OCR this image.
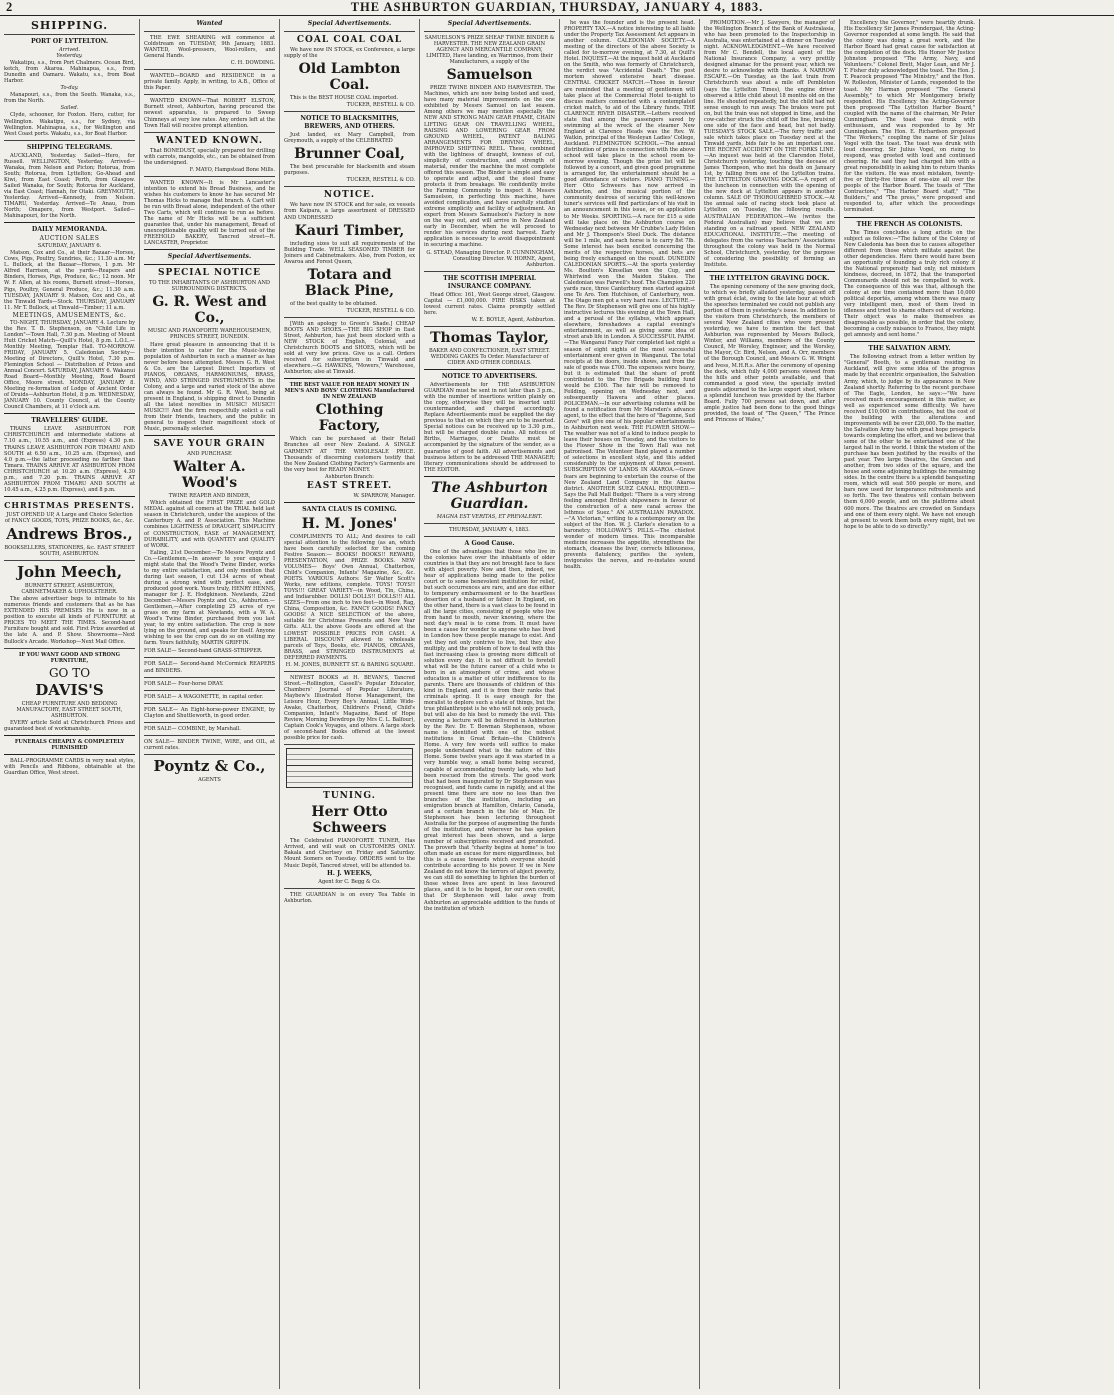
2	THE ASHBURTON GUARDIAN, THURSDAY, JANUARY 4, 1883.
SHIPPING.
PORT OF LYTTELTON.
Arrived.
Yesterday.
Wakatipu, s.s., from Port Chalmers. Ocean Bird, ketch, from Akaroa. Mahinapua, s.s., from Dunedin and Oamaru. Wakatu, s.s., from Boat Harbor.
To-day.
Manapouri, s.s., from the South. Wanaka, s.s., from the North.
Sailed.
Clyde, schooner, for Foxton. Hero, cutter, for Wellington. Wakatipu, s.s., for Sydney, via Wellington. Mahinapua, s.s., for Wellington and West Coast ports. Wakatu, s.s., for Boat Harbor.
SHIPPING TELEGRAMS.
AUCKLAND, Yesterday. Sailed—Hero, for Russell. WELLINGTON, Yesterday. Arrived—Wanaka, from Nelson and Picton; Rotorua, from South; Rotorua, from Lyttelton; Go-Ahead and Kiwi, from East Coast; Perth, from Glasgow. Sailed Wanaka, for South; Rotorua for Auckland, via East Coast; Hannah, for Otaki. GREYMOUTH, Yesterday. Arrived—Kennedy, from Nelson. TIMARU, Yesterday. Arrived—Te Anau, from North; Omapere, from Westport. Sailed—Mahinapouri, for the North.
DAILY MEMORANDA.
AUCTION SALES
SATURDAY, JANUARY 6.
Matson, Cox and Co., at their Bazaar—Horses, Cows, Pigs, Poultry, Sundries, &c.; 11.30 a.m. Mr L. Bullock, at the Bazaar—Horses, 1 p.m. Mr Alfred Harrison, at the yards—Reapers and Binders, Horses, Pigs, Produce, &c.; 12 noon. Mr W. F. Allen, at his rooms, Burnett street—Horses, Pigs, Poultry, General Produce, &c.; 11.30 a.m. TUESDAY, JANUARY 9. Matson, Cox and Co., at the Tinwald Yards—Stock. THURSDAY, JANUARY 11. Mr T. Bullock, at Tinwald—Timber; 11 a.m.
MEETINGS, AMUSEMENTS, &c.
TO-NIGHT, THURSDAY, JANUARY 4. Lecture by the Rev. T. B. Stephenson, on "Child Life in London"—Town Hall, 7.30 p.m. Meeting of Mount Hutt Cricket Match—Quill's Hotel, 8 p.m. L.O.L.—Monthly Meeting, Templar Hall. TO-MORROW. FRIDAY, JANUARY 5. Caledonian Society—Meeting of Directors, Quill's Hotel, 7.30 p.m. Flemington School — Distribution of Prizes and Annual Concert. SATURDAY, JANUARY 6. Wakanui Road Board—Monthly Meeting, Road Board Office, Moore street. MONDAY, JANUARY 8. Meeting re-formation of Lodge of Ancient Order of Druids—Ashburton Hotel, 8 p.m. WEDNESDAY, JANUARY 10. County Council, at the County Council Chambers, at 11 o'clock a.m.
TRAVELLERS' GUIDE.
TRAINS LEAVE ASHBURTON FOR CHRISTCHURCH and intermediate stations at 7.10 a.m., 10.55 a.m., and (Express) 4.30 p.m. TRAINS LEAVE ASHBURTON FOR TIMARU AND SOUTH at 6.50 a.m., 10.25 a.m. (Express), and 4.0 p.m.—the latter proceeding no farther than Timaru. TRAINS ARRIVE AT ASHBURTON FROM CHRISTCHURCH at 10.20 a.m. (Express), 4.30 p.m., and 7.20 p.m. TRAINS ARRIVE AT ASHBURTON FROM TIMARU AND SOUTH at 10.45 a.m., 4.25 p.m. (Express), and 8 p.m.
CHRISTMAS PRESENTS.
JUST OPENED UP, A Large and Choice Selection of FANCY GOODS, TOYS, PRIZE BOOKS, &c., &c.
Andrews Bros.,
BOOKSELLERS, STATIONERS, &c. EAST STREET SOUTH, ASHBURTON.
John Meech,
BURNETT STREET, ASHBURTON, CABINETMAKER & UPHOLSTERER.
The above advertiser begs to intimate to his numerous friends and customers that as he has EXTENDED HIS PREMISES He is now in a position to execute all kinds of FURNITURE at PRICES TO MEET THE TIMES. Second-hand Furniture bought and sold. First Prize awarded at the late A. and P. Show. Showrooms—Next Bullock's Arcade. Workshop—Next Mail Office.
IF YOU WANT GOOD AND STRONG FURNITURE,
GO TO
DAVIS'S
CHEAP FURNITURE AND BEDDING MANUFACTORY, EAST STREET SOUTH, ASHBURTON.
EVERY article Sold at Christchurch Prices and guaranteed best of workmanship.
FUNERALS CHEAPLY & COMPLETELY FURNISHED
BALL-PROGRAMME CARDS in very neat styles, with Pencils and Ribbons, obtainable at the Guardian Office, West street.
Wanted
THE EWE SHEARING will commence at Coldstream on TUESDAY, 9th January, 1883. WANTED, Wool-pressers, Wool-rollers, and General Hands.
C. H. DOWDING.
WANTED—BOARD and RESIDENCE in a private family. Apply, in writing, to A.B., Office of this Paper.
WANTED KNOWN—That ROBERT ELSTON, Burnett street, Ashburton, having procured the newest apparatus, is prepared to Sweep Chimneys at very low rates. Any orders left at the Town Hall will receive prompt attention.
WANTED KNOWN.
That BONEDUST, specially prepared for drilling with carrots, mangolds, etc., can be obtained from the undersigned.
F. MAYO, Hampstead Bone Mills.
WANTED KNOWN—It is Mr Lancaster's intention to extend his Bread Business, and he wishes his customers to know he has secured Mr Thomas Hicks to manage that branch. A Cart will be run with Bread alone, independent of the other Two Carts, which will continue to run as before. The name of Mr Hicks will be a sufficient guarantee that, under his management, Bread of unexceptionable quality will be turned out of the FREEHOLD BAKERY, Tancred street—R. LANCASTER, Proprietor.
Special Advertisements.
SPECIAL NOTICE
TO THE INHABITANTS OF ASHBURTON AND SURROUNDING DISTRICTS.
G. R. West and Co.,
MUSIC AND PIANOFORTE WAREHOUSEMEN, PRINCES STREET, DUNEDIN.
Have great pleasure in announcing that it is their intention to cater for the Music-loving population of Ashburton in such a manner as has never before been attempted. Messrs G. R. West & Co. are the Largest Direct Importers of PIANOS, ORGANS, HARMONIUMS, BRASS, WIND, AND STRINGED INSTRUMENTS in the Colony, and a large and varied stock of the above can always be found. Mr G. R. West, being at present in England, is shipping direct to Dunedin all the latest novelties in MUSIC! MUSIC!! MUSIC!!! And the firm respectfully solicit a call from their friends, teachers, and the public in general to inspect their magnificent stock of Music, personally selected.
SAVE YOUR GRAIN
AND PURCHASE
Walter A. Wood's
TWINE REAPER AND BINDER,
Which obtained the FIRST PRIZE and GOLD MEDAL against all comers at the TRIAL held last season in Christchurch, under the auspices of the Canterbury A. and P. Association. This Machine combines LIGHTNESS of DRAUGHT, SIMPLICITY of CONSTRUCTION, EASE of MANAGEMENT, DURABILITY, and with QUANTITY and QUALITY of WORK.
Ealing, 21st December.—To Messrs Poyntz and Co.—Gentlemen,—In answer to your enquiry I might state that the Wood's Twine Binder, works to my entire satisfaction, and only mention that during last season, I cut 134 acres of wheat during a strong wind with perfect ease, and produced good work. Yours truly, HENRY HENNS, manager for J. E. Hodgkinson. Newlands, 22nd December.—Messrs Poyntz and Co., Ashburton.—Gentlemen,—After completing 25 acres of rye grass on my farm at Newlands, with a W. A. Wood's Twine Binder, purchased from you last year, to my entire satisfaction. The crop is now lying on the ground, and speaks for itself. Anyone wishing to see the crop can do so on visiting my farm. Yours faithfully, MARTIN GRIFFIN.
FOR SALE— Second-hand GRASS-STRIPPER.
FOR SALE— Second-hand McCormick REAPERS and BINDERS.
FOR SALE— Four-horse DRAY.
FOR SALE— A WAGONETTE, in capital order.
FOR SALE— An Eight-horse-power ENGINE, by Clayton and Shuttleworth, in good order.
FOR SALE— COMBINE, by Marshall.
ON SALE— BINDER TWINE, WIRE, and OIL, at current rates.
Poyntz & Co.,
AGENTS
Special Advertisements.
COAL COAL COAL
We have now IN STOCK, ex Conference, a large supply of the
Old Lambton Coal.
This is the BEST HOUSE COAL imported.
TUCKER, RESTELL & CO.
NOTICE TO BLACKSMITHS, BREWERS, AND OTHERS.
Just landed, ex Mary Campbell, from Greymouth, a supply of the CELEBRATED
Brunner Coal,
The best procurable for blacksmith and steam purposes.
TUCKER, RESTELL & CO.
NOTICE.
We have now IN STOCK and for sale, ex vessels from Kaipara, a large assortment of DRESSED AND UNDRESSED
Kauri Timber,
including sizes to suit all requirements of the Building Trade. WELL SEASONED TIMBER for Joiners and Cabinetmakers. Also, from Foxton, ex Awaroa and Forest Queen,
Totara and Black Pine,
of the best quality to be obtained.
TUCKER, RESTELL & CO.
[With an apology to Green's Shade.] CHEAP BOOTS AND SHOES.—THE BIG SHOP in East Street, Ashburton, has just been stocked with a NEW STOCK of English, Colonial, and Christchurch BOOTS and SHOES, which will be sold at very low prices. Give us a call. Orders received for subscription in Tinwald and elsewhere.—G. HAWKINS, "Mowers," Warehouse, Ashburton; also at Tinwald.
THE BEST VALUE FOR READY MONEY IN MEN'S AND BOYS' CLOTHING Manufactured IN NEW ZEALAND
Clothing Factory,
Which can be purchased at their Retail Branches all over New Zealand. A SINGLE GARMENT AT THE WHOLESALE PRICE. Thousands of discerning customers testify that the New Zealand Clothing Factory's Garments are the very best for READY MONEY.
Ashburton Branch:
EAST STREET.
W. SPARROW, Manager.
SANTA CLAUS IS COMING.
H. M. Jones'
COMPLIMENTS TO ALL; And desires to call special attention to the following (as an, which have been carefully selected for the coming Festive Season:— BOOKS! BOOKS!! REWARD, PRESENTATION, and PRIZE BOOKS. NEW VOLUMES— Boys' Own Annual, Chatterbox, Child's Companion, Infants' Magazine, &c., &c. POETS. VARIOUS Authors: Sir Walter Scott's Works, new editions, complete. TOYS! TOYS!! TOYS!!! GREAT VARIETY—in Wood, Tin, China, and Indiarubber. DOLLS! DOLLS!! DOLLS!!! ALL SIZES—From one inch to two feet—in Wood, Rag, China, Composition, &c. FANCY GOODS! FANCY GOODS! A NICE SELECTION of the above, suitable for Christmas Presents and New Year Gifts. ALL the above Goods are offered at the LOWEST POSSIBLE PRICES FOR CASH. A LIBERAL DISCOUNT allowed to wholesale parcels of Toys, Books, etc. PIANOS, ORGANS, BRASS, and STRINGED INSTRUMENTS at DEFERRED PAYMENTS.
H. M. JONES, BURNETT ST. & BARING SQUARE.
NEWEST BOOKS at H. BEVAN'S, Tancred Street.—Rollington, Cassell's Popular Educator, Chambers' Journal of Popular Literature, Maybew's Illustrated Horse Management, the Leisure Hour, Every Boy's Annual, Little Wide-Awake, Chatterbox, Children's Friend, Child's Companion, Infant's Magazine, Band of Hope Review, Morning Dewdrops (by Mrs C. L. Balfour), Captain Cook's Voyages, and others. A large stock of second-hand Books offered at the lowest possible price for cash.
TUNING.
Herr Otto Schweers
The Celebrated PIANOFORTE TUNER, Has Arrived, and will wait on CUSTOMERS ONLY. Bakala and Chertsey on Friday and Saturday. Mount Somers on Tuesday. ORDERS sent to the Music Depôt, Tancred street, will be attended to.
H. J. WEEKS,
Agent for C. Begg & Co.
THE GUARDIAN is on every Tea Table in Ashburton.
Special Advertisements.
SAMUELSON'S PRIZE SHEAF TWINE BINDER & HARVESTER. THE NEW ZEALAND GRAIN AGENCY AND MERCANTILE COMPANY, LIMITED, Have landing, ex Warrimoo, from their Manufacturers, a supply of the
Samuelson
PRIZE TWINE BINDER AND HARVESTER. The Machines, which are now being tested and used, have many material improvements on the one exhibited by Messrs Samuel on last season. Among others we may mention especially the NEW AND STRONG MAIN GEAR FRAME, CHAIN LIFTING GEAR ON TRAVELLING WHEEL, RAISING AND LOWERING GEAR FROM GROUND WHEEL, PATENT BALING ARRANGEMENTS FOR DRIVING WHEEL, IMPROVED SHIFTING REEL. These, combined with the lightness of draught, lowness of cut, simplicity of construction, and strength of material, render the machine the most complete offered this season. The Binder is simple and easy to operate and adjust, and the steel frame protects it from breakage. We confidently invite the Farming Community to inspect it. Messrs Samuelson, in perfecting this machine, have avoided complication, and have carefully studied extreme simplicity and facility of adjustment. An expert from Messrs Samuelson's Factory is now on the way out, and will arrive in New Zealand early in December, when he will proceed to render his services during next harvest. Early application is necessary to avoid disappointment in securing a machine.
G. STEAD, Managing Director. P. CUNNINGHAM, Consulting Director. W. HORNE, Agent, Ashburton.
THE SCOTTISH IMPERIAL INSURANCE COMPANY.
Head Office: 161, West George street, Glasgow. Capital — £1,000,000. FIRE RISKS taken at lowest current rates. Claims promptly settled here.
W. E. BOYLE, Agent, Ashburton.
Thomas Taylor,
BAKER AND CONFECTIONER, EAST STREET. WEDDING CAKES To Order. Manufacturer of CIDER AND OTHER CORDIALS.
NOTICE TO ADVERTISERS.
Advertisements for THE ASHBURTON GUARDIAN must be sent in not later than 3 p.m., with the number of insertions written plainly on the copy, otherwise they will be inserted until countermanded, and charged accordingly. Replace Advertisements must be supplied the day previous to that on which they are to be inserted. Special notices can be received up to 3.30 p.m., but will be charged double rates. All notices of Births, Marriages, or Deaths must be accompanied by the signature of the sender, as a guarantee of good faith. All advertisements and business letters to be addressed THE MANAGER; literary communications should be addressed to THE EDITOR.
The Ashburton Guardian.
MAGNA EST VERITAS, ET PREVALEBIT.
THURSDAY, JANUARY 4, 1883.
A Good Cause.
One of the advantages that those who live in the colonies have over the inhabitants of older countries is that they are not brought face to face with abject poverty. Now and then, indeed, we hear of applications being made to the police court or to some benevolent institution for relief, but such occurrences are rare, and are due either to temporary embarrassment or to the heartless desertion of a husband or father. In England, on the other hand, there is a vast class to be found in all the large cities, consisting of people who live from hand to mouth, never knowing, where the next day's meal is to come from. It must have been a cause for wonder to anyone who has lived in London how these people manage to exist. And yet they not only contrive to live, but they also multiply, and the problem of how to deal with this fast increasing class is growing more difficult of solution every day. It is not difficult to foretell what will be the future career of a child who is born in an atmosphere of crime, and whose education is a matter of utter indifference to its parents. There are thousands of children of this kind in England, and it is from their ranks that criminals spring. It is easy enough for the moralist to deplore such a state of things, but the true philanthropist is he who will not only preach, but will also do his best to remedy the evil. This evening a lecture will be delivered in Ashburton by the Rev. Dr. T. Bowman Stephenson, whose name is identified with one of the noblest institutions in Great Britain—the Children's Home. A very few words will suffice to make people understand what is the nature of this Home. Some twelve years ago it was started in a very humble way, a small home being secured, capable of accommodating twenty lads, who had been rescued from the streets. The good work that had been inaugurated by Dr Stephenson was recognised, and funds came in rapidly, and at the present time there are now no less than five branches of the institution, including an emigration branch at Hamilton, Ontario, Canada, and a certain branch in the Isle of Man. Dr Stephenson has been lecturing throughout Australia for the purpose of augmenting the funds of the institution, and wherever he has spoken great interest has been shown, and a large number of subscriptions received and promoted. The proverb that "charity begins at home" is too often made an excuse for mere niggardliness, but this is a cause towards which everyone should contribute according to his power. If we in New Zealand do not know the terrors of abject poverty, we can still do something to lighten the burden of those whose lives are spent in less favoured places, and it is to be hoped, for our own credit, that Dr Stephenson will take away from Ashburton an appreciable addition to the funds of the institution of which
he was the founder and is the present head. PROPERTY TAX.—A notice interesting to all liable under the Property Tax Assessment Act appears in another column. CALEDONIAN SOCIETY.—A meeting of the directors of the above Society is called for to-morrow evening, at 7.30, at Quill's Hotel. INQUEST.—At the inquest held at Auckland on the Smith, who was formerly of Christchurch, the verdict was "Accidental Death." The post mortem showed extensive heart disease. CENTRAL CRICKET MATCH.—Those in favour are reminded that a meeting of gentlemen will take place at the Commercial Hotel to-night to discuss matters connected with a contemplated cricket match, to aid of the Library funds. THE CLARENCE RIVER DISASTER.—Letters received state that among the passengers saved by swimming at the wreck of the steamer New England at Clarence Heads was the Rev. W. Watkin, principal of the Wesleyan Ladies' College, Auckland. FLEMINGTON SCHOOL.—The annual distribution of prizes in connection with the above school will take place in the school room to-morrow evening. Though the prize list will be followed by a concert, and given good programme is arranged for, the entertainment should be a good attendance of visitors. PIANO TUNING.—Herr Otto Schweers has now arrived in Ashburton, and the musical portion of the community desirous of securing this well-known tuner's services will find particulars of his visit in an announcement in this issue, or on application to Mr Weeks. SPORTING.—A race for £15 a side will take place on the Ashburton course on Wednesday next between Mr Crubbe's Lady Helen and Mr J. Thompson's Steel Duck. The distance will be 1 mile, and each horse is to carry 8st 7lb. Some interest has been excited concerning the merits of the respective horses, and bets are being freely exchanged on the result. DUNEDIN CALEDONIAN SPORTS.—At the sports yesterday Ms. Boulton's Kinsellan won the Cup, and Whirlwind won the Maiden Stakes. The Caledonian was Farwell's hoof. The Champion 220 yards race, three Canterbury men started against one Te Aro. Tom Hutchison, of Canterbury, won. The Otago men got a very hard race. LECTURE.—The Rev. Dr Stephenson will give one of his highly instructive lectures this evening at the Town Hall, and a perusal of the syllabus, which appears elsewhere, foreshadows a capital evening's entertainment, as well as giving some idea of street arab life in London. A SUCCESSFUL FARM.—The Wanganui Fancy Fair completed last night a season of eight nights of the most successful entertainment ever given in Wanganui. The total receipts at the doors, inside shows, and from the sale of goods was £700. The expenses were heavy, but it is estimated that the share of profit contributed to the Fire Brigade building fund would be £300. The fair will be removed to Feilding, opening on Wednesday next, and subsequently Hawera and other places. POLICEMAN.—In our advertising columns will be found a notification from Mr Marsden's advance agent, to the effect that the hero of "Bagonne, Sud Gove" will give one of his popular entertainments in Ashburton next week. THE FLOWER SHOW.—The weather was not of a kind to induce people to leave their houses on Tuesday, and the visitors to the Flower Show in the Town Hall was not patronised. The Volunteer Band played a number of selections in excellent style, and this added considerably to the enjoyment of those present. SUBSCRIPTION OF LANDS IN AKAROA.—Grave fears are beginning to entertain the course of the New Zealand Land Company in the Akaroa district. ANOTHER SUEZ CANAL REQUIRED.—Says the Pall Mall Budget: "There is a very strong feeling amongst British shipowners in favour of the construction of a new canal across the Isthmus of Suez." AN AUSTRALIAN PARADOX.—"A Victorian," writing to a contemporary on the subject of the Hon. W. J. Clarke's elevation to a baronetcy. HOLLOWAY'S PILLS.—The chiefest wonder of modern times. This incomparable medicine increases the appetite, strengthens the stomach, cleanses the liver, corrects biliousness, prevents flatulency, purifies the system, invigorates the nerves, and re-instates sound health.
PROMOTION.—Mr J. Sawyers, the manager of the Wellington Branch of the Bank of Australasia, who has been promoted to the Inspectorship in Australia, was entertained at a dinner on Tuesday night. ACKNOWLEDGMENT.—We have received from Mr C. Bendell, the local agent of the National Insurance Company, a very prettily designed almanac for the present year, which we desire to acknowledge with thanks. A NARROW ESCAPE.—On Tuesday, as the last train from Christchurch was about a mile off Pembleton (says the Lyttelton Times), the engine driver observed a little child about 18 months old on the line. He shouted repeatedly, but the child had not sense enough to run away. The brakes were put on, but the train was not stopped in time, and the cow-catcher struck the child off the line, bruising one side of the face and head, but not badly. TUESDAY'S STOCK SALE.—The ferry traffic and sale which takes place on Tuesday next at the Tinwald yards, bids fair to be an important one. THE RECENT ACCIDENT ON THE FORKS LINE.—An inquest was held at the Clarendon Hotel, Christchurch yesterday, touching the decease of James Thompson, who met his death on January 1st, by falling from one of the Lyttelton trains. THE LYTTELTON GRAVING DOCK.—A report of the luncheon in connection with the opening of the new dock at Lyttelton appears in another column. SALE OF THOROUGHBRED STOCK.—At the annual sale of racing stock took place at Lyttelton on Tuesday, the following results. AUSTRALIAN FEDERATION.—We (writes the Federal Australian) may believe that we are standing on a railroad speed. NEW ZEALAND EDUCATIONAL INSTITUTE.—The meeting of delegates from the various Teachers' Associations throughout the colony was held in the Normal School, Christchurch, yesterday, for the purpose of considering the possibility of forming an Institute.
THE LYTTELTON GRAVING DOCK.
The opening ceremony of the new graving dock, to which we briefly alluded yesterday, passed off with great éclat, owing to the late hour at which the speeches terminated we could not publish any portion of them in yesterday's issue. In addition to the visitors from Christchurch, the members of several New Zealand cities who were present yesterday, we have to mention the fact that Ashburton was represented by Messrs Bullock, Winter, and Williams, members of the County Council, Mr Worsley, Engineer, and the Worsley, the Mayor, Cr. Bird, Nelson, and A. Orr, members of the Borough Council, and Messrs G. W. Wright and Ivess, M.H.R.s. After the ceremony of opening the dock, which fully 4,000 persons viewed from the hills and other points available, and that commanded a good view, the specially invited guests adjourned to the large export shed, where a splendid luncheon was provided by the Harbor Board. Fully 700 persons sat down, and after ample justice had been done to the good things provided, the toast of "The Queen," "The Prince and Princess of Wales,"
Excellency the Governor," were heartily drunk. His Excellency Sir James Prendergast, the Acting-Governor responded at some length. He said that the colony was doing a great work, and the Harbor Board had great cause for satisfaction at the completion of the dock. His Honor Mr Justice Johnston proposed "The Army, Navy, and Volunteers." Colonel Brett, Major Lean, and Mr J. T. Fisher duly acknowledged the toast. The Hon. J. T. Peacock proposed "The Ministry," and the Hon. W. Rolleston, Minister of Lands, responded to the toast. Mr Harman proposed "The General Assembly," to which Mr Montgomery briefly responded. His Excellency the Acting-Governor then proposed "The Lyttelton Harbor Board," coupled with the name of the chairman, Mr Peter Cunningham. The toast was drunk with enthusiasm, and was responded to by Mr Cunningham. The Hon. E. Richardson proposed "The Workers," coupling the name of Sir Julius Vogel with the toast. The toast was drunk with loud cheering. Sir Julius Vogel, on rising to respond, was greeted with loud and continued cheering. He said they had charged him with a great responsibility in asking him to return thanks for the visitors. He was most mistaken, twenty-five or thirty-five times of one-size all over the peopls of the Harbor Board. The toasts of "The Contractors," "The Harbor Board staff," "The Builders," and "The press," were proposed and responded to, after which the proceedings terminated.
THE FRENCH AS COLONISTS.
The Times concludes a long article on the subject as follows:—"The failure of the Colony of New Caledonia has been due to causes altogether different from those which militate against the other dependencies. Here there would have been an opportunity of founding a truly rich colony if the National propensity had only, not ministers kindness, decreed, in 1872, that the transported Communards should not be compelled to work. The consequence of this was that, although the colony at one time contained more than 10,000 political deportés, among whom there was many very intelligent men, most of them lived in idleness and tried to shame others out of working. Their object was to make themselves as disagreeable as possible, in order that the colony, becoming a costly nuisance to France, they might get amnesty and sent home."
THE SALVATION ARMY.
The following extract from a letter written by "General" Booth, to a gentleman residing in Auckland, will give some idea of the progress made by that eccentric organisation, the Salvation Army, which, to judge by its appearance in New Zealand shortly. Referring to the recent purchase of The Eagle, London, he says:—"We have received much encouragement in this matter, as well as experienced some difficulty. We have received £10,000 in contributions, but the cost of the building with the alterations and improvements will be over £20,000. To the matter, the Salvation Army has with great hope prospects towards completing the effort, and we believe that some of the other to be entertained one of the largest hall in the world. I think the wisdom of the purchase has been justified by the results of the past year. Two large theatres, the Grecian and another, from two sides of the square, and the house and some adjoining buildings the remaining sides. In the centre there is a splendid banqueting room, which will seat 500 people or more, and bars now used for temperance refreshments and so forth. The two theatres will contain between them 6,000 people, and on the platforms about 600 more. The theatres are crowded on Sundays and one of them every night. We have not enough at present to work them both every night, but we hope to be able to do so directly."
